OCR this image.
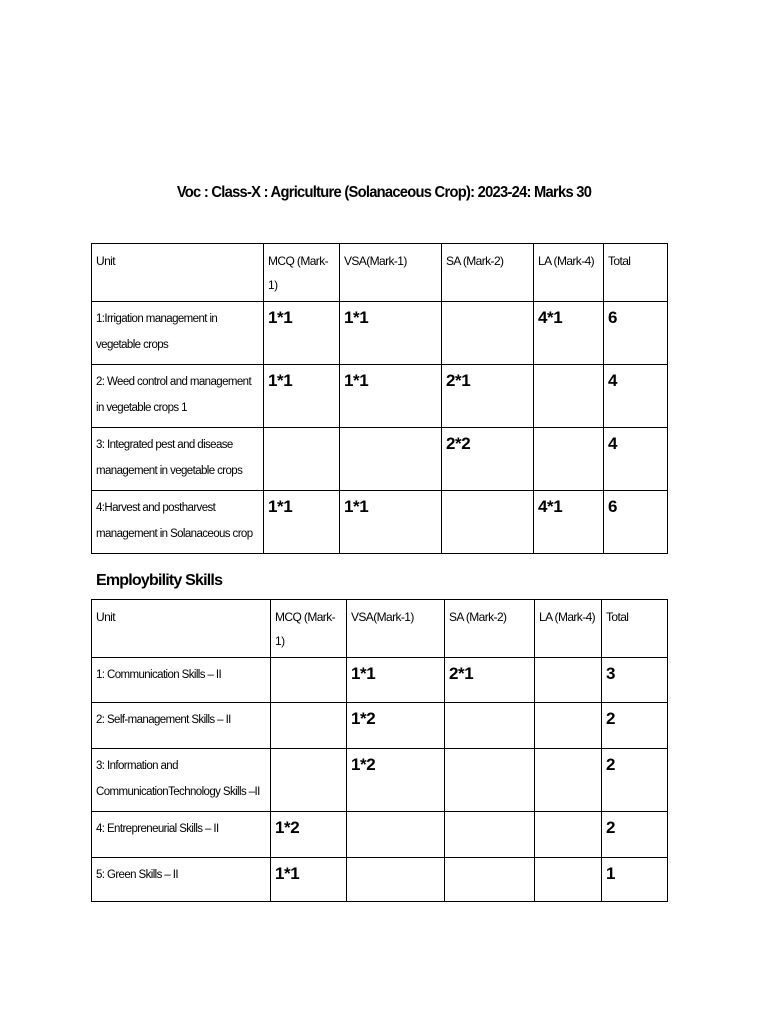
Voc : Class-X : Agriculture (Solanaceous Crop): 2023-24: Marks 30
Unit	MCQ (Mark-1)	VSA(Mark-1)	SA (Mark-2)	LA (Mark-4)	Total
1:Irrigation management in vegetable crops	1*1	1*1		4*1	6
2: Weed control and management in vegetable crops 1	1*1	1*1	2*1		4
3: Integrated pest and disease management in vegetable crops			2*2		4
4:Harvest and postharvest management in Solanaceous crop	1*1	1*1		4*1	6
Employbility Skills
Unit	MCQ (Mark-1)	VSA(Mark-1)	SA (Mark-2)	LA (Mark-4)	Total
1: Communication Skills – II		1*1	2*1		3
2: Self-management Skills – II		1*2			2
3: Information and CommunicationTechnology Skills –II		1*2			2
4: Entrepreneurial Skills – II	1*2				2
5: Green Skills – II	1*1				1
